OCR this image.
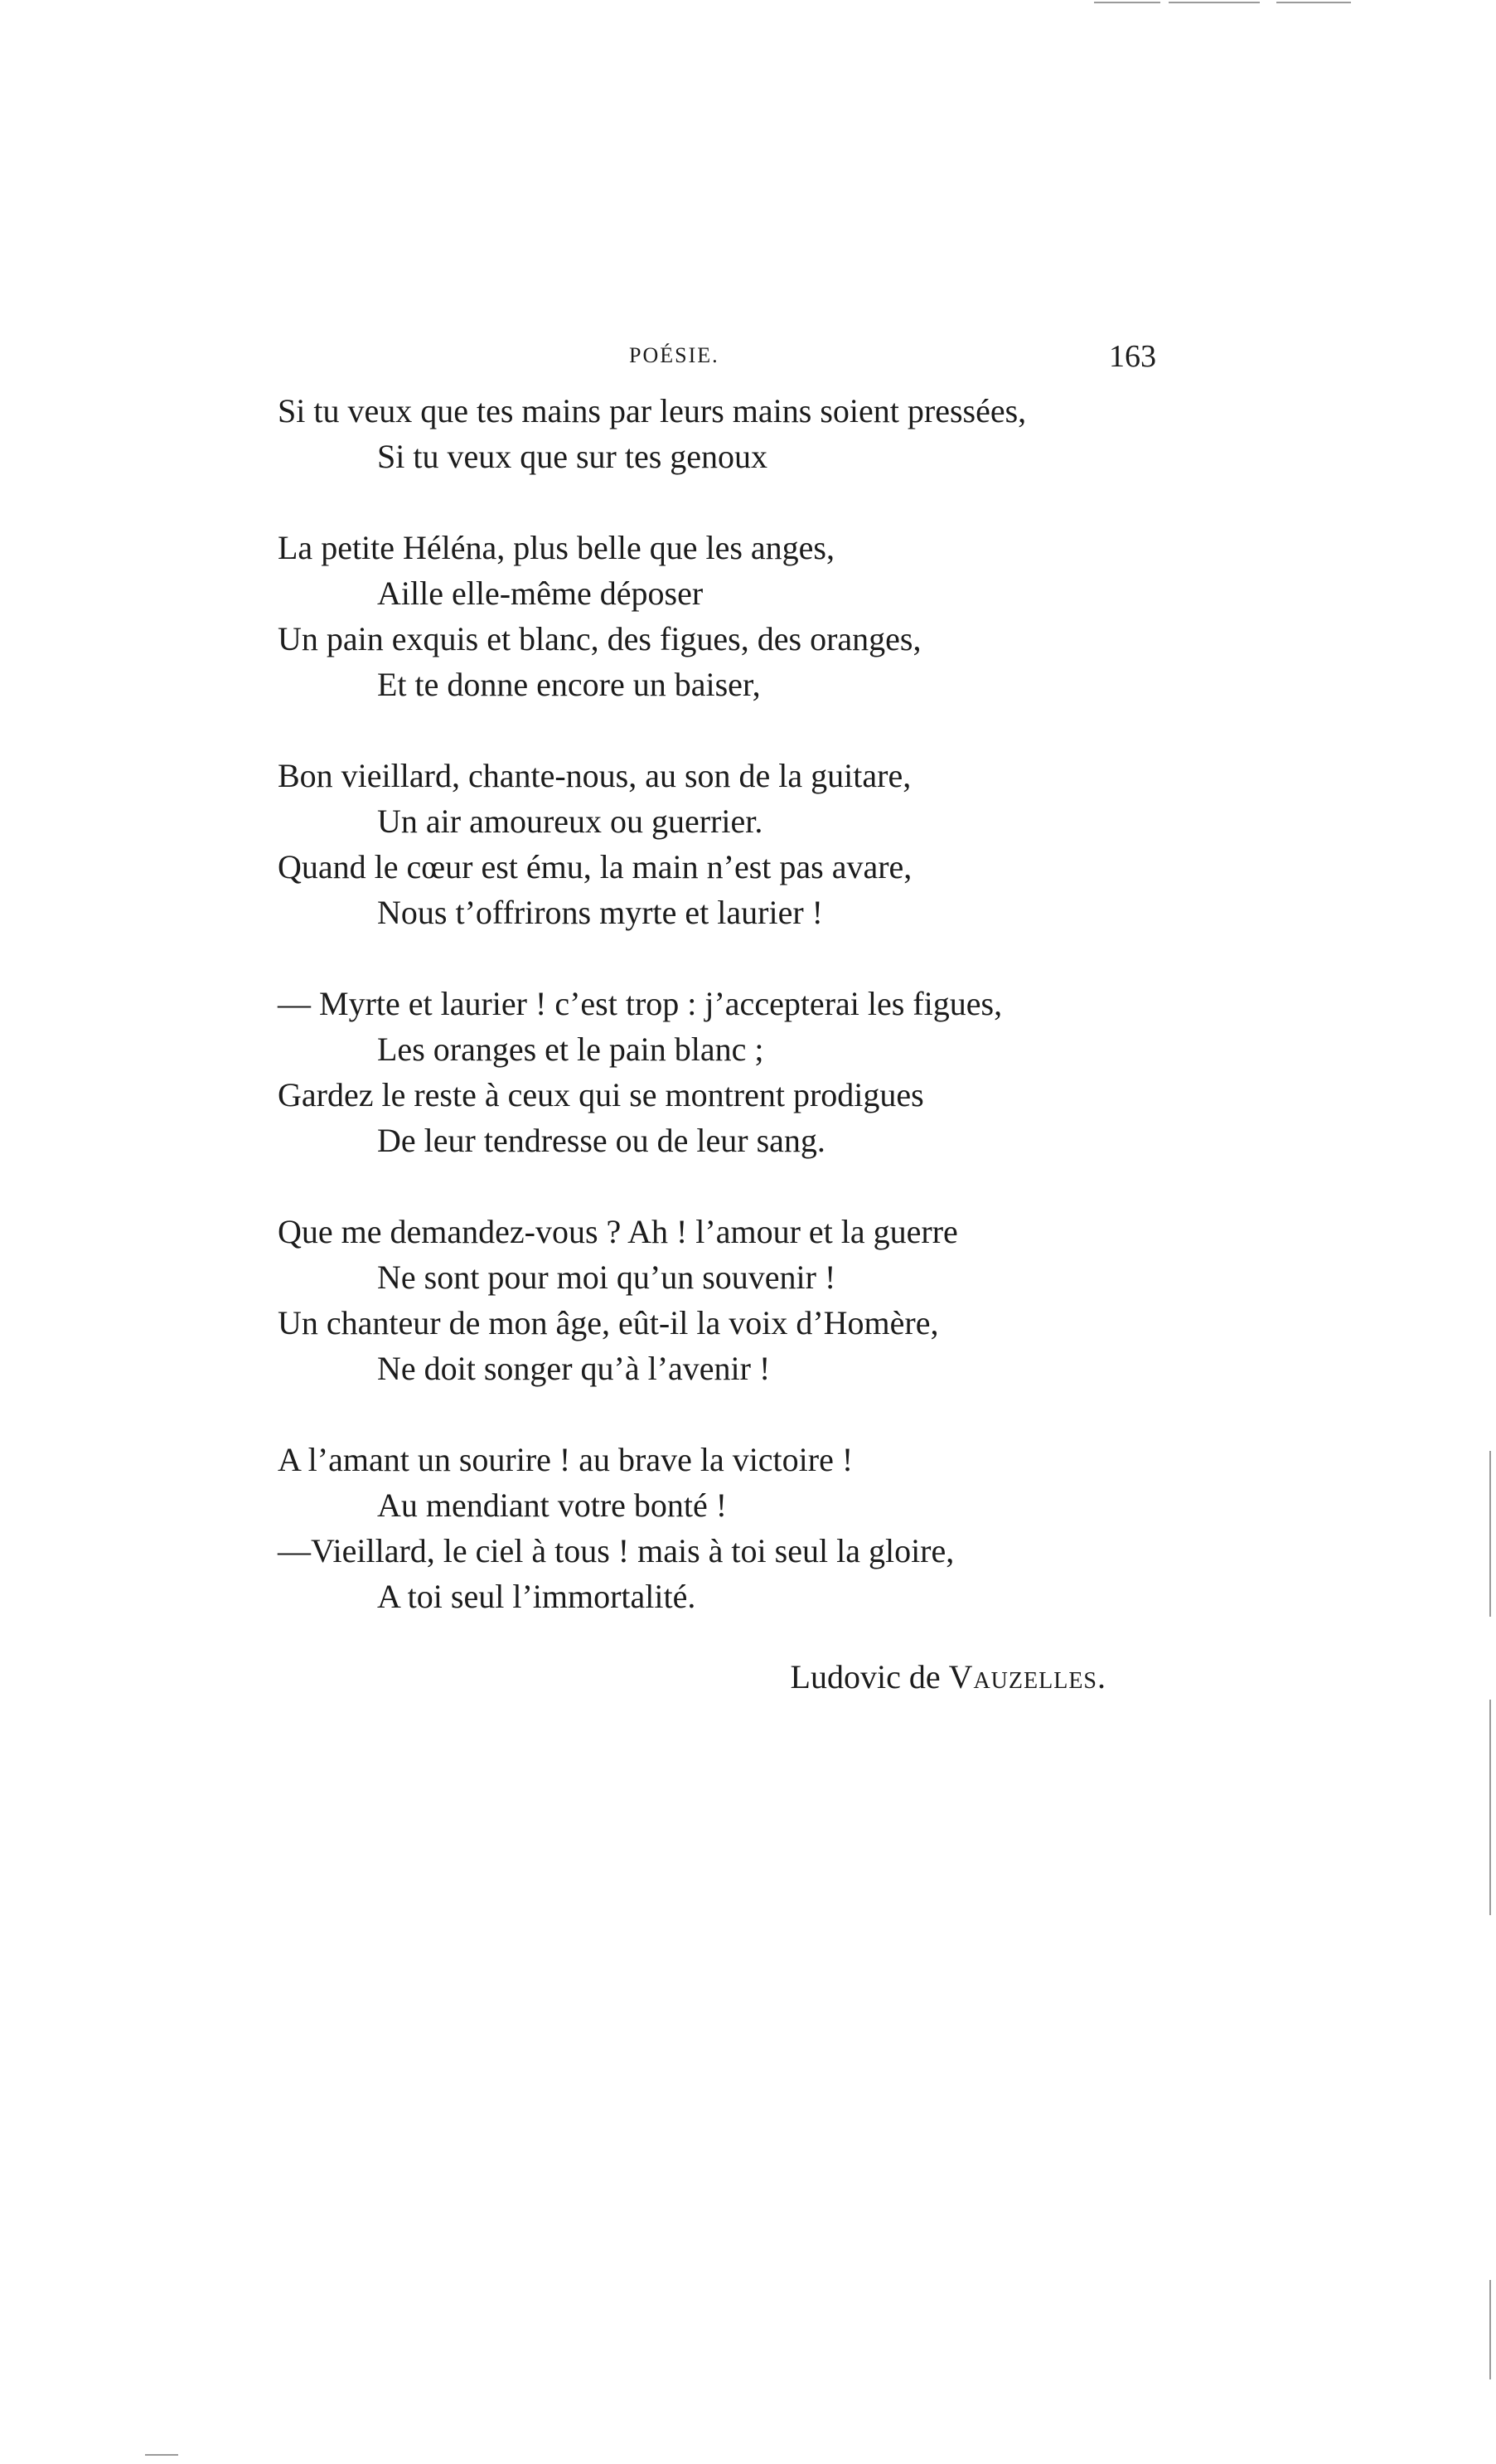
POÉSIE.	163
Si tu veux que tes mains par leurs mains soient pressées,
Si tu veux que sur tes genoux
La petite Héléna, plus belle que les anges,
Aille elle-même déposer
Un pain exquis et blanc, des figues, des oranges,
Et te donne encore un baiser,
Bon vieillard, chante-nous, au son de la guitare,
Un air amoureux ou guerrier.
Quand le cœur est ému, la main n’est pas avare,
Nous t’offrirons myrte et laurier !
— Myrte et laurier ! c’est trop : j’accepterai les figues,
Les oranges et le pain blanc ;
Gardez le reste à ceux qui se montrent prodigues
De leur tendresse ou de leur sang.
Que me demandez-vous ? Ah ! l’amour et la guerre
Ne sont pour moi qu’un souvenir !
Un chanteur de mon âge, eût-il la voix d’Homère,
Ne doit songer qu’à l’avenir !
A l’amant un sourire ! au brave la victoire !
Au mendiant votre bonté !
—Vieillard, le ciel à tous ! mais à toi seul la gloire,
A toi seul l’immortalité.
Ludovic de Vauzelles.
